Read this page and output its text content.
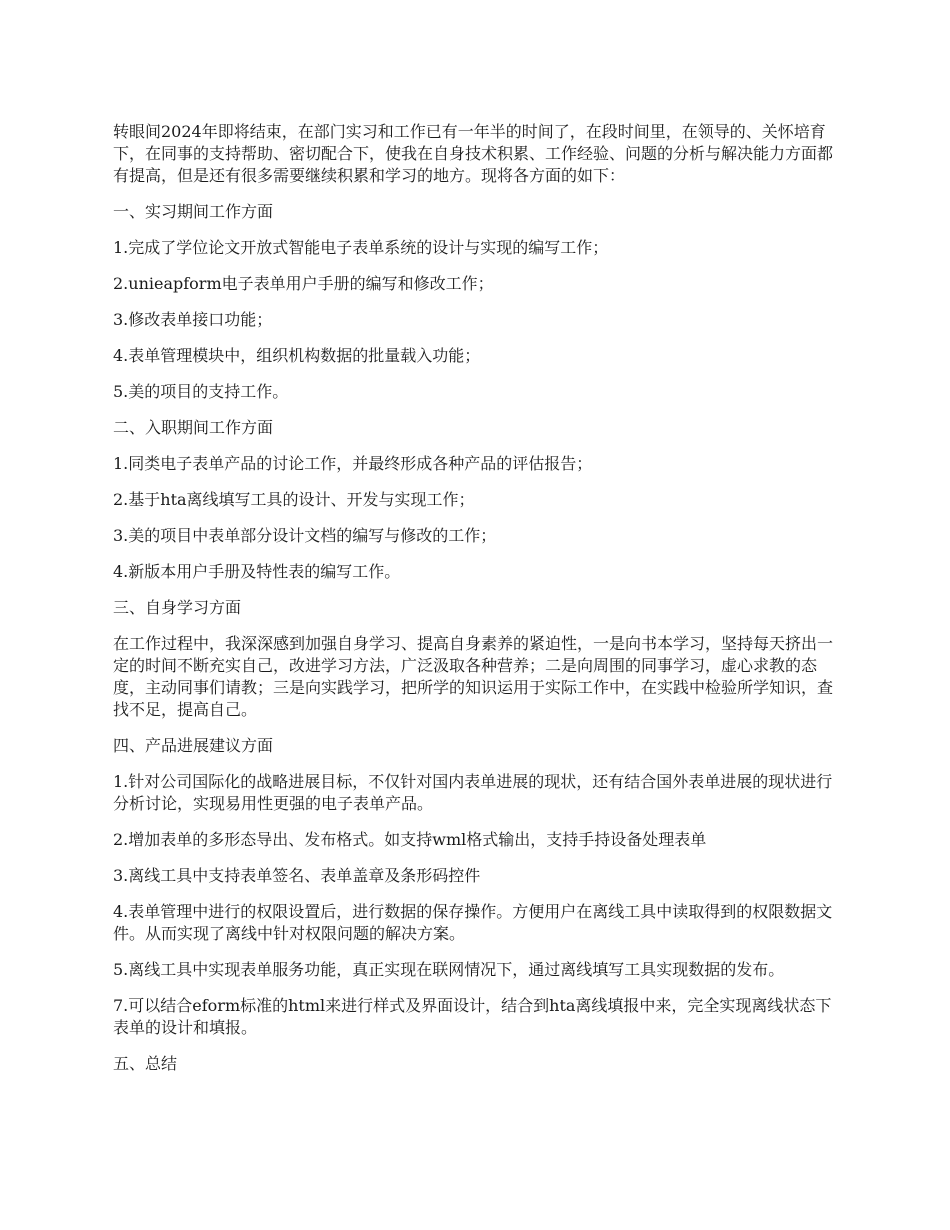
转眼间2024年即将结束，在部门实习和工作已有一年半的时间了，在段时间里，在领导的、关怀培育下，在同事的支持帮助、密切配合下，使我在自身技术积累、工作经验、问题的分析与解决能力方面都有提高，但是还有很多需要继续积累和学习的地方。现将各方面的如下：

一、实习期间工作方面

1.完成了学位论文开放式智能电子表单系统的设计与实现的编写工作；

2.unieapform电子表单用户手册的编写和修改工作；

3.修改表单接口功能；

4.表单管理模块中，组织机构数据的批量载入功能；

5.美的项目的支持工作。

二、入职期间工作方面

1.同类电子表单产品的讨论工作，并最终形成各种产品的评估报告；

2.基于hta离线填写工具的设计、开发与实现工作；

3.美的项目中表单部分设计文档的编写与修改的工作；

4.新版本用户手册及特性表的编写工作。

三、自身学习方面

在工作过程中，我深深感到加强自身学习、提高自身素养的紧迫性，一是向书本学习，坚持每天挤出一定的时间不断充实自己，改进学习方法，广泛汲取各种营养；二是向周围的同事学习，虚心求教的态度，主动同事们请教；三是向实践学习，把所学的知识运用于实际工作中，在实践中检验所学知识，查找不足，提高自己。

四、产品进展建议方面

1.针对公司国际化的战略进展目标，不仅针对国内表单进展的现状，还有结合国外表单进展的现状进行分析讨论，实现易用性更强的电子表单产品。

2.增加表单的多形态导出、发布格式。如支持wml格式输出，支持手持设备处理表单

3.离线工具中支持表单签名、表单盖章及条形码控件

4.表单管理中进行的权限设置后，进行数据的保存操作。方便用户在离线工具中读取得到的权限数据文件。从而实现了离线中针对权限问题的解决方案。

5.离线工具中实现表单服务功能，真正实现在联网情况下，通过离线填写工具实现数据的发布。

7.可以结合eform标准的html来进行样式及界面设计，结合到hta离线填报中来，完全实现离线状态下表单的设计和填报。

五、总结
